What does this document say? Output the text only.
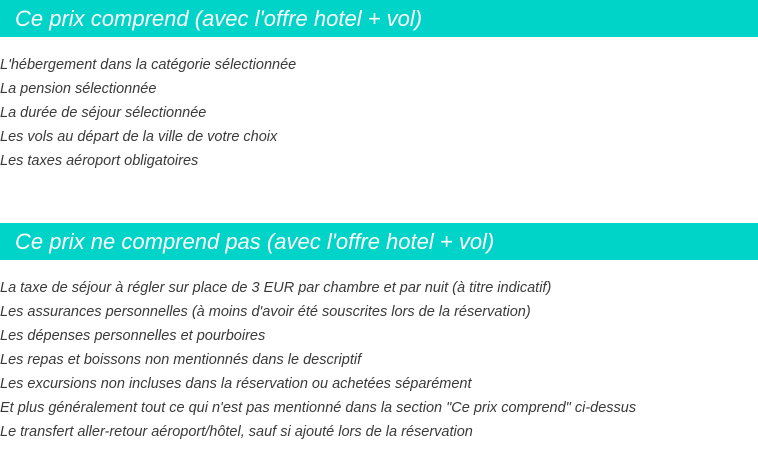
Ce prix comprend (avec l'offre hotel + vol)
L'hébergement dans la catégorie sélectionnée
La pension sélectionnée
La durée de séjour sélectionnée
Les vols au départ de la ville de votre choix
Les taxes aéroport obligatoires
Ce prix ne comprend pas (avec l'offre hotel + vol)
La taxe de séjour à régler sur place de 3 EUR par chambre et par nuit (à titre indicatif)
Les assurances personnelles (à moins d'avoir été souscrites lors de la réservation)
Les dépenses personnelles et pourboires
Les repas et boissons non mentionnés dans le descriptif
Les excursions non incluses dans la réservation ou achetées séparément
Et plus généralement tout ce qui n'est pas mentionné dans la section "Ce prix comprend" ci-dessus
Le transfert aller-retour aéroport/hôtel, sauf si ajouté lors de la réservation
